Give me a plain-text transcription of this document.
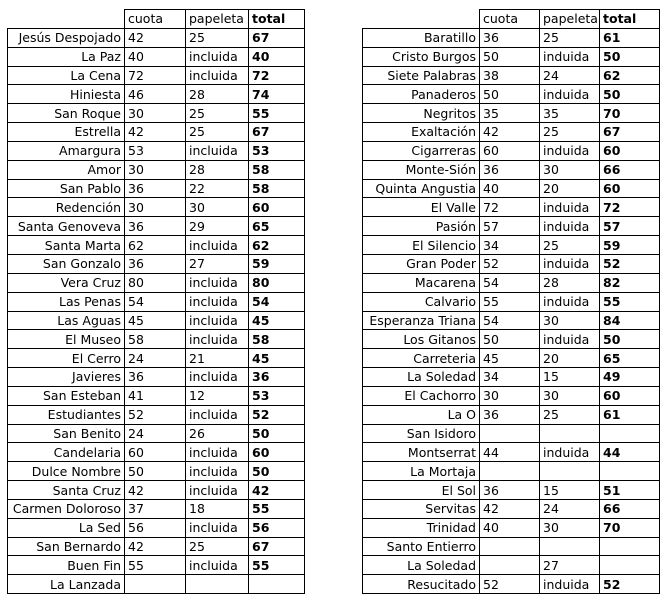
	cuota	papeleta	total
Jesús Despojado	42	25	67
La Paz	40	incluida	40
La Cena	72	incluida	72
Hiniesta	46	28	74
San Roque	30	25	55
Estrella	42	25	67
Amargura	53	incluida	53
Amor	30	28	58
San Pablo	36	22	58
Redención	30	30	60
Santa Genoveva	36	29	65
Santa Marta	62	incluida	62
San Gonzalo	36	27	59
Vera Cruz	80	incluida	80
Las Penas	54	incluida	54
Las Aguas	45	incluida	45
El Museo	58	incluida	58
El Cerro	24	21	45
Javieres	36	incluida	36
San Esteban	41	12	53
Estudiantes	52	incluida	52
San Benito	24	26	50
Candelaria	60	incluida	60
Dulce Nombre	50	incluida	50
Santa Cruz	42	incluida	42
Carmen Doloroso	37	18	55
La Sed	56	incluida	56
San Bernardo	42	25	67
Buen Fin	55	incluida	55
La Lanzada			
	cuota	papeleta	total
Baratillo	36	25	61
Cristo Burgos	50	induida	50
Siete Palabras	38	24	62
Panaderos	50	induida	50
Negritos	35	35	70
Exaltación	42	25	67
Cigarreras	60	induida	60
Monte-Sión	36	30	66
Quinta Angustia	40	20	60
El Valle	72	induida	72
Pasión	57	induida	57
El Silencio	34	25	59
Gran Poder	52	induida	52
Macarena	54	28	82
Calvario	55	induida	55
Esperanza Triana	54	30	84
Los Gitanos	50	induida	50
Carreteria	45	20	65
La Soledad	34	15	49
El Cachorro	30	30	60
La O	36	25	61
San Isidoro			
Montserrat	44	induida	44
La Mortaja			
El Sol	36	15	51
Servitas	42	24	66
Trinidad	40	30	70
Santo Entierro			
La Soledad		27	
Resucitado	52	induida	52
